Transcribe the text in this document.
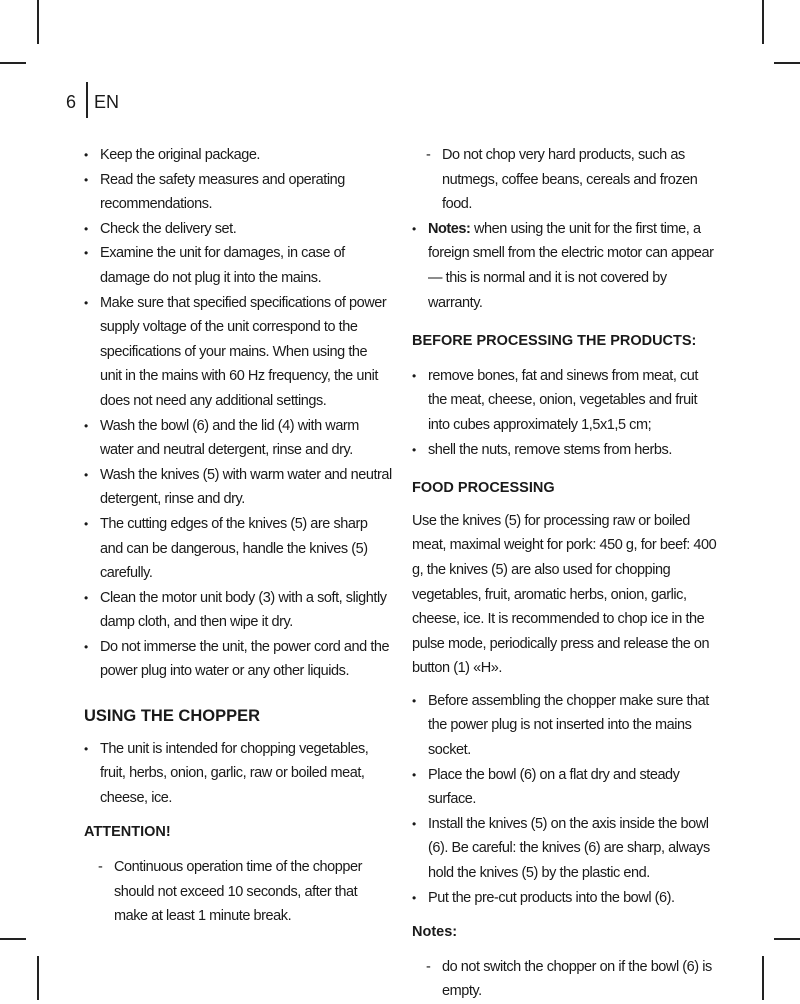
6 EN
• Keep the original package.
• Read the safety measures and operating recommendations.
• Check the delivery set.
• Examine the unit for damages, in case of damage do not plug it into the mains.
• Make sure that specified specifications of power supply voltage of the unit correspond to the specifications of your mains. When using the unit in the mains with 60 Hz frequency, the unit does not need any additional settings.
• Wash the bowl (6) and the lid (4) with warm water and neutral detergent, rinse and dry.
• Wash the knives (5) with warm water and neutral detergent, rinse and dry.
• The cutting edges of the knives (5) are sharp and can be dangerous, handle the knives (5) carefully.
• Clean the motor unit body (3) with a soft, slightly damp cloth, and then wipe it dry.
• Do not immerse the unit, the power cord and the power plug into water or any other liquids.
USING THE CHOPPER
• The unit is intended for chopping vegetables, fruit, herbs, onion, garlic, raw or boiled meat, cheese, ice.
ATTENTION!
- Continuous operation time of the chopper should not exceed 10 seconds, after that make at least 1 minute break.
- Do not chop very hard products, such as nutmegs, coffee beans, cereals and frozen food.
• Notes: when using the unit for the first time, a foreign smell from the electric motor can appear — this is normal and it is not covered by warranty.
BEFORE PROCESSING THE PRODUCTS:
• remove bones, fat and sinews from meat, cut the meat, cheese, onion, vegetables and fruit into cubes approximately 1,5x1,5 cm;
• shell the nuts, remove stems from herbs.
FOOD PROCESSING

Use the knives (5) for processing raw or boiled meat, maximal weight for pork: 450 g, for beef: 400 g, the knives (5) are also used for chopping vegetables, fruit, aromatic herbs, onion, garlic, cheese, ice. It is recommended to chop ice in the pulse mode, periodically press and release the on button (1) «H».

• Before assembling the chopper make sure that the power plug is not inserted into the mains socket.
• Place the bowl (6) on a flat dry and steady surface.
• Install the knives (5) on the axis inside the bowl (6). Be careful: the knives (6) are sharp, always hold the knives (5) by the plastic end.
• Put the pre-cut products into the bowl (6).
Notes:
- do not switch the chopper on if the bowl (6) is empty.
